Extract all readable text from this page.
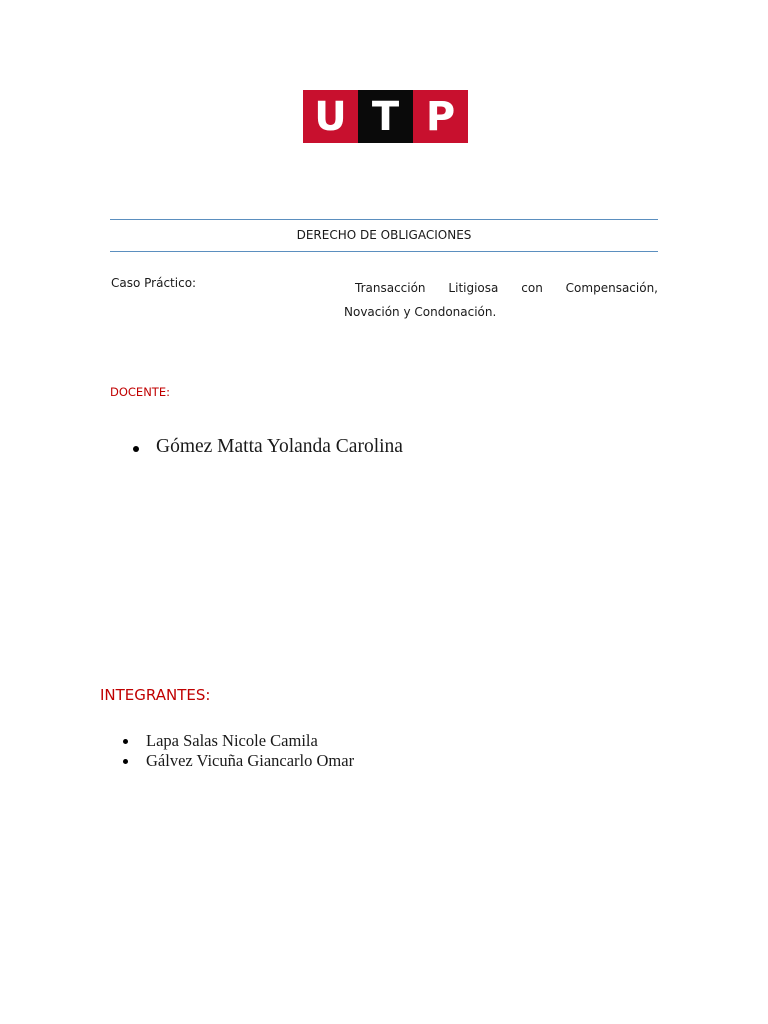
U T P
DERECHO DE OBLIGACIONES
Caso Práctico:	Transacción Litigiosa con Compensación, Novación y Condonación.
DOCENTE:
Gómez Matta Yolanda Carolina
INTEGRANTES:
Lapa Salas Nicole Camila
Gálvez Vicuña Giancarlo Omar
